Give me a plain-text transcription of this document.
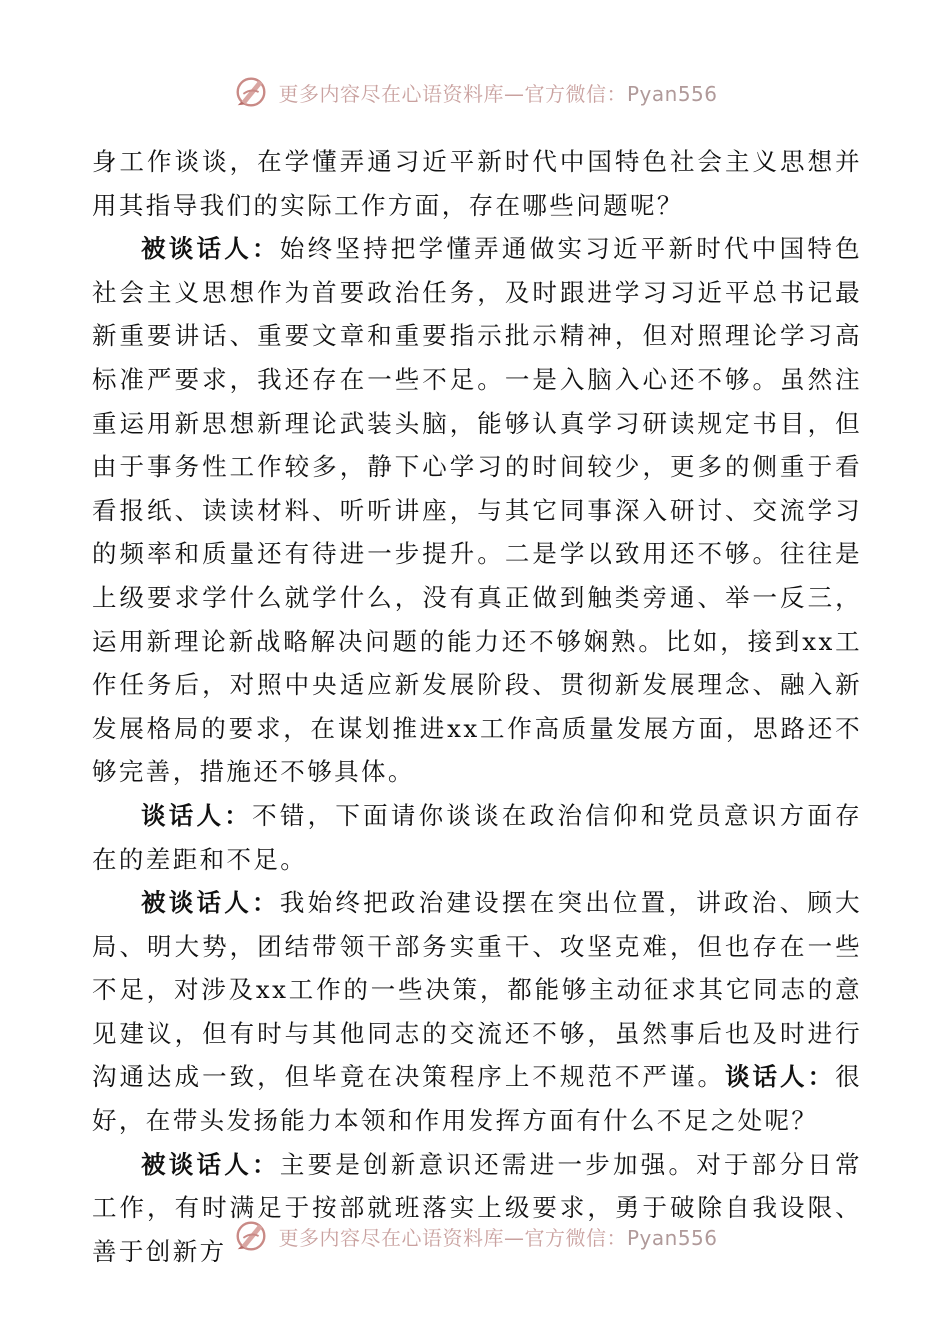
更多内容尽在心语资料库—官方微信：Pyan556

身工作谈谈，在学懂弄通习近平新时代中国特色社会主义思想并用其指导我们的实际工作方面，存在哪些问题呢？

被谈话人：始终坚持把学懂弄通做实习近平新时代中国特色社会主义思想作为首要政治任务，及时跟进学习习近平总书记最新重要讲话、重要文章和重要指示批示精神，但对照理论学习高标准严要求，我还存在一些不足。一是入脑入心还不够。虽然注重运用新思想新理论武装头脑，能够认真学习研读规定书目，但由于事务性工作较多，静下心学习的时间较少，更多的侧重于看看报纸、读读材料、听听讲座，与其它同事深入研讨、交流学习的频率和质量还有待进一步提升。二是学以致用还不够。往往是上级要求学什么就学什么，没有真正做到触类旁通、举一反三，运用新理论新战略解决问题的能力还不够娴熟。比如，接到xx工作任务后，对照中央适应新发展阶段、贯彻新发展理念、融入新发展格局的要求，在谋划推进xx工作高质量发展方面，思路还不够完善，措施还不够具体。

谈话人：不错，下面请你谈谈在政治信仰和党员意识方面存在的差距和不足。

被谈话人：我始终把政治建设摆在突出位置，讲政治、顾大局、明大势，团结带领干部务实重干、攻坚克难，但也存在一些不足，对涉及xx工作的一些决策，都能够主动征求其它同志的意见建议，但有时与其他同志的交流还不够，虽然事后也及时进行沟通达成一致，但毕竟在决策程序上不规范不严谨。谈话人：很好，在带头发扬能力本领和作用发挥方面有什么不足之处呢？

被谈话人：主要是创新意识还需进一步加强。对于部分日常工作，有时满足于按部就班落实上级要求，勇于破除自我设限、善于创新方	更多内容尽在心语资料库—官方微信：Pyan556
